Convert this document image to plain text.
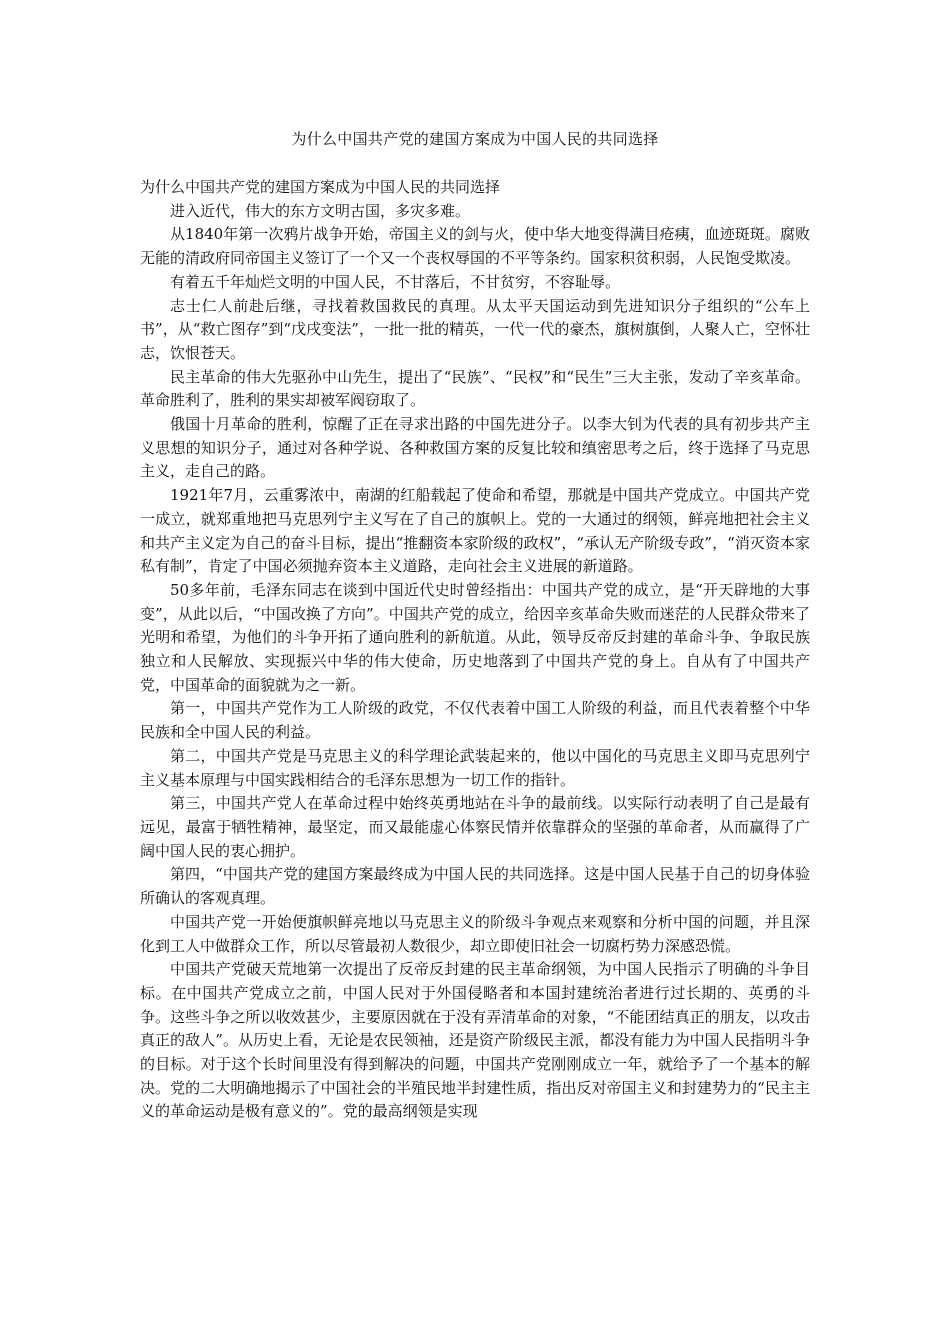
为什么中国共产党的建国方案成为中国人民的共同选择

为什么中国共产党的建国方案成为中国人民的共同选择

进入近代，伟大的东方文明古国，多灾多难。

从1840年第一次鸦片战争开始，帝国主义的剑与火，使中华大地变得满目疮痍，血迹斑斑。腐败无能的清政府同帝国主义签订了一个又一个丧权辱国的不平等条约。国家积贫积弱，人民饱受欺凌。

有着五千年灿烂文明的中国人民，不甘落后，不甘贫穷，不容耻辱。

志士仁人前赴后继，寻找着救国救民的真理。从太平天国运动到先进知识分子组织的“公车上书”，从“救亡图存”到“戊戌变法”，一批一批的精英，一代一代的豪杰，旗树旗倒，人聚人亡，空怀壮志，饮恨苍天。

民主革命的伟大先驱孙中山先生，提出了“民族”、“民权”和“民生”三大主张，发动了辛亥革命。革命胜利了，胜利的果实却被军阀窃取了。

俄国十月革命的胜利，惊醒了正在寻求出路的中国先进分子。以李大钊为代表的具有初步共产主义思想的知识分子，通过对各种学说、各种救国方案的反复比较和缜密思考之后，终于选择了马克思主义，走自己的路。

1921年7月，云重雾浓中，南湖的红船载起了使命和希望，那就是中国共产党成立。中国共产党一成立，就郑重地把马克思列宁主义写在了自己的旗帜上。党的一大通过的纲领，鲜亮地把社会主义和共产主义定为自己的奋斗目标，提出“推翻资本家阶级的政权”，“承认无产阶级专政”，“消灭资本家私有制”，肯定了中国必须抛弃资本主义道路，走向社会主义进展的新道路。

50多年前，毛泽东同志在谈到中国近代史时曾经指出：中国共产党的成立，是“开天辟地的大事变”，从此以后，“中国改换了方向”。中国共产党的成立，给因辛亥革命失败而迷茫的人民群众带来了光明和希望，为他们的斗争开拓了通向胜利的新航道。从此，领导反帝反封建的革命斗争、争取民族独立和人民解放、实现振兴中华的伟大使命，历史地落到了中国共产党的身上。自从有了中国共产党，中国革命的面貌就为之一新。

第一，中国共产党作为工人阶级的政党，不仅代表着中国工人阶级的利益，而且代表着整个中华民族和全中国人民的利益。

第二，中国共产党是马克思主义的科学理论武装起来的，他以中国化的马克思主义即马克思列宁主义基本原理与中国实践相结合的毛泽东思想为一切工作的指针。

第三，中国共产党人在革命过程中始终英勇地站在斗争的最前线。以实际行动表明了自己是最有远见，最富于牺牲精神，最坚定，而又最能虚心体察民情并依靠群众的坚强的革命者，从而赢得了广阔中国人民的衷心拥护。

第四，“中国共产党的建国方案最终成为中国人民的共同选择。这是中国人民基于自己的切身体验所确认的客观真理。

中国共产党一开始便旗帜鲜亮地以马克思主义的阶级斗争观点来观察和分析中国的问题，并且深化到工人中做群众工作，所以尽管最初人数很少，却立即使旧社会一切腐朽势力深感恐慌。

中国共产党破天荒地第一次提出了反帝反封建的民主革命纲领，为中国人民指示了明确的斗争目标。在中国共产党成立之前，中国人民对于外国侵略者和本国封建统治者进行过长期的、英勇的斗争。这些斗争之所以收效甚少，主要原因就在于没有弄清革命的对象，“不能团结真正的朋友，以攻击真正的敌人”。从历史上看，无论是农民领袖，还是资产阶级民主派，都没有能力为中国人民指明斗争的目标。对于这个长时间里没有得到解决的问题，中国共产党刚刚成立一年，就给予了一个基本的解决。党的二大明确地揭示了中国社会的半殖民地半封建性质，指出反对帝国主义和封建势力的“民主主义的革命运动是极有意义的”。党的最高纲领是实现
